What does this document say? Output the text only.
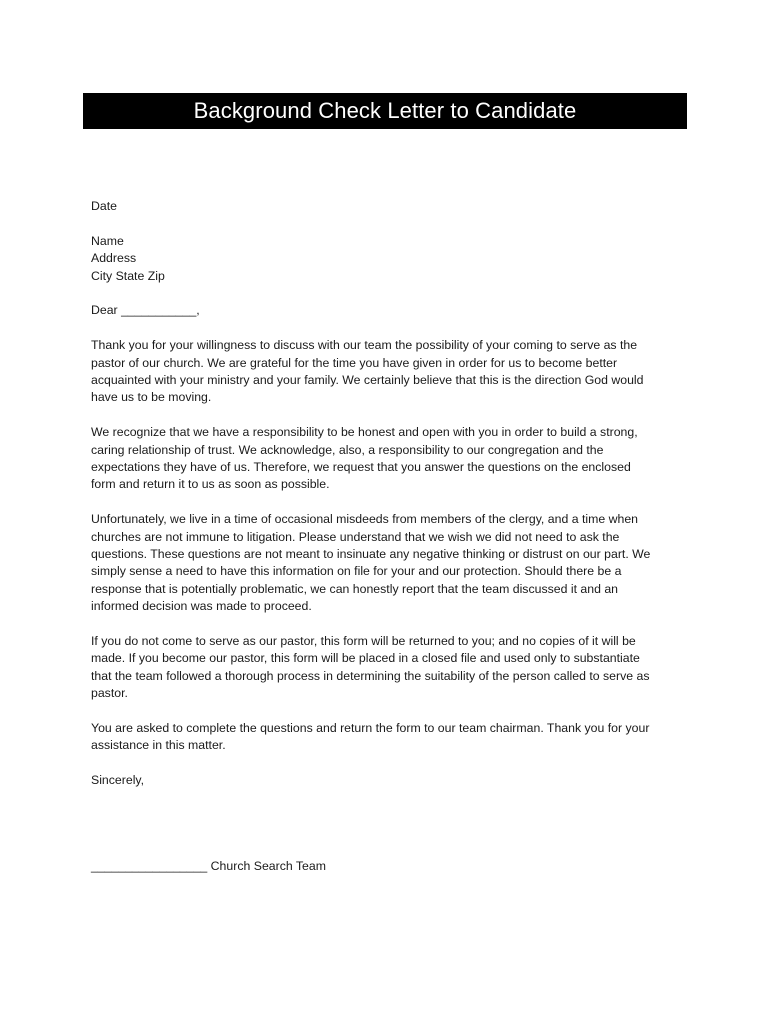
Background Check Letter to Candidate

Date

Name
Address
City State Zip

Dear ___________,

Thank you for your willingness to discuss with our team the possibility of your coming to serve as the
pastor of our church. We are grateful for the time you have given in order for us to become better
acquainted with your ministry and your family. We certainly believe that this is the direction God would
have us to be moving.

We recognize that we have a responsibility to be honest and open with you in order to build a strong,
caring relationship of trust. We acknowledge, also, a responsibility to our congregation and the
expectations they have of us. Therefore, we request that you answer the questions on the enclosed
form and return it to us as soon as possible.

Unfortunately, we live in a time of occasional misdeeds from members of the clergy, and a time when
churches are not immune to litigation. Please understand that we wish we did not need to ask the
questions. These questions are not meant to insinuate any negative thinking or distrust on our part. We
simply sense a need to have this information on file for your and our protection. Should there be a
response that is potentially problematic, we can honestly report that the team discussed it and an
informed decision was made to proceed.

If you do not come to serve as our pastor, this form will be returned to you; and no copies of it will be
made. If you become our pastor, this form will be placed in a closed file and used only to substantiate
that the team followed a thorough process in determining the suitability of the person called to serve as
pastor.

You are asked to complete the questions and return the form to our team chairman. Thank you for your
assistance in this matter.

Sincerely,

_________________ Church Search Team
